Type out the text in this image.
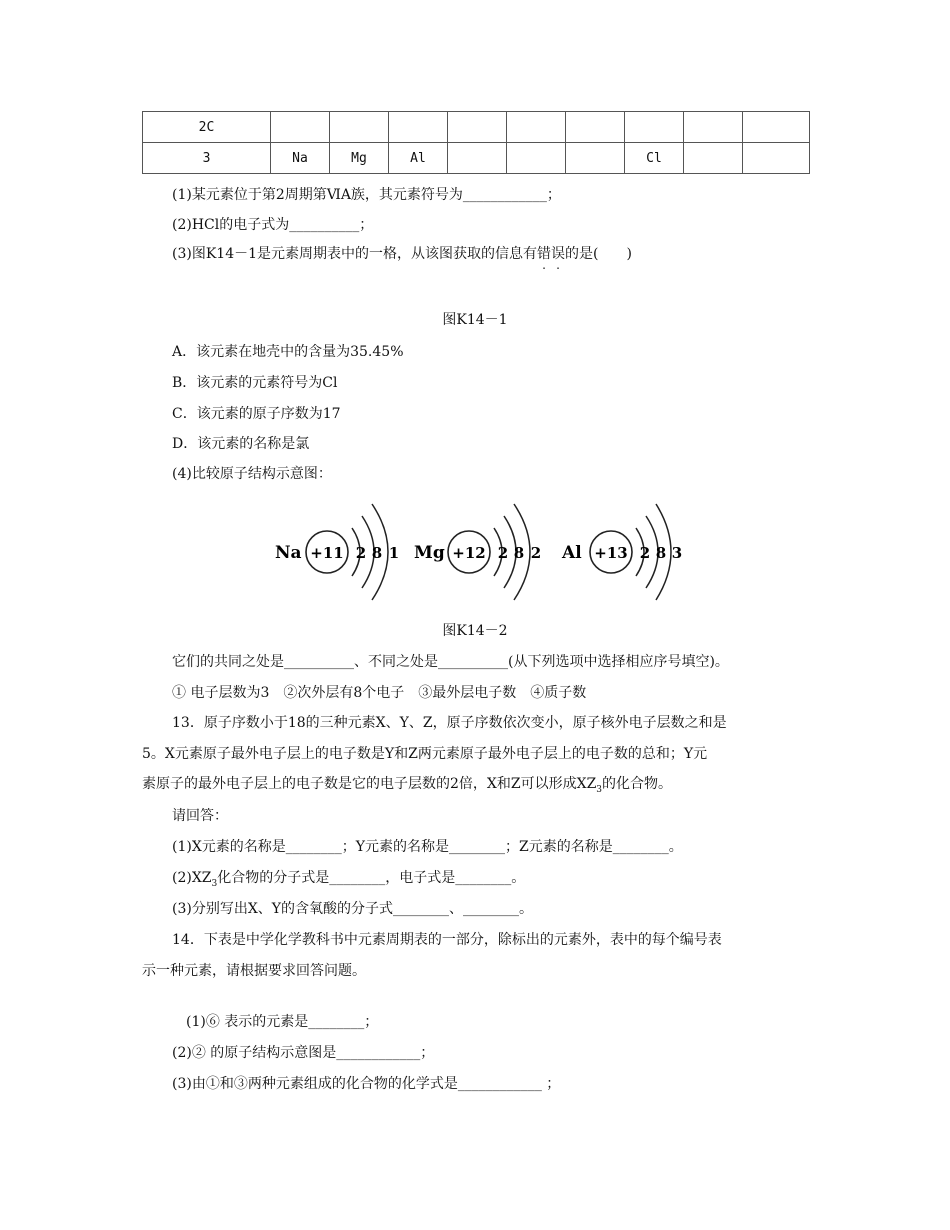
2C									
3	Na	Mg	Al				Cl		
(1)某元素位于第2周期第ⅥA族，其元素符号为____________；
(2)HCl的电子式为__________；
(3)图K14－1是元素周期表中的一格，从该图获取的信息有错误的是(　　)
图K14－1
A．该元素在地壳中的含量为35.45%
B．该元素的元素符号为Cl
C．该元素的原子序数为17
D．该元素的名称是氯
(4)比较原子结构示意图：
Na +11 2 8 1 Mg +12 2 8 2 Al +13 2 8 3
图K14－2
它们的共同之处是__________、不同之处是__________(从下列选项中选择相应序号填空)。
① 电子层数为3　②次外层有8个电子　③最外层电子数　④质子数
13．原子序数小于18的三种元素X、Y、Z，原子序数依次变小，原子核外电子层数之和是
5。X元素原子最外电子层上的电子数是Y和Z两元素原子最外电子层上的电子数的总和；Y元
素原子的最外电子层上的电子数是它的电子层数的2倍，X和Z可以形成$XZ_3$的化合物。
请回答：
(1)X元素的名称是________；Y元素的名称是________；Z元素的名称是________。
$(2)XZ_3$化合物的分子式是________，电子式是________。
(3)分别写出X、Y的含氧酸的分子式________、________。
14．下表是中学化学教科书中元素周期表的一部分，除标出的元素外，表中的每个编号表
示一种元素，请根据要求回答问题。
(1)⑥ 表示的元素是________；
(2)② 的原子结构示意图是____________；
(3)由①和③两种元素组成的化合物的化学式是____________ ；
